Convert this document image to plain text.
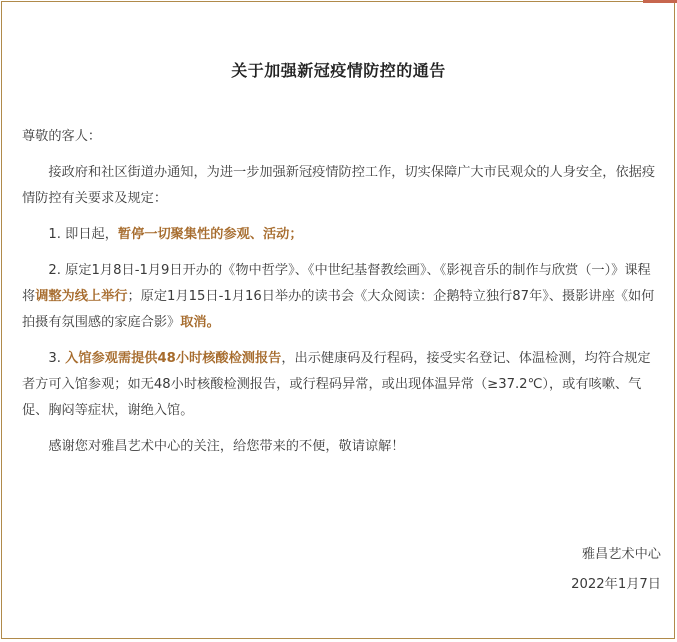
关于加强新冠疫情防控的通告

尊敬的客人：

接政府和社区街道办通知，为进一步加强新冠疫情防控工作，切实保障广大市民观众的人身安全，依据疫情防控有关要求及规定：

1. 即日起，暂停一切聚集性的参观、活动；

2. 原定1月8日-1月9日开办的《物中哲学》、《中世纪基督教绘画》、《影视音乐的制作与欣赏（一）》课程将调整为线上举行；原定1月15日-1月16日举办的读书会《大众阅读：企鹅特立独行87年》、摄影讲座《如何拍摄有氛围感的家庭合影》取消。

3. 入馆参观需提供48小时核酸检测报告，出示健康码及行程码，接受实名登记、体温检测，均符合规定者方可入馆参观；如无48小时核酸检测报告，或行程码异常，或出现体温异常（≥37.2℃），或有咳嗽、气促、胸闷等症状，谢绝入馆。

感谢您对雅昌艺术中心的关注，给您带来的不便，敬请谅解！

雅昌艺术中心
2022年1月7日
